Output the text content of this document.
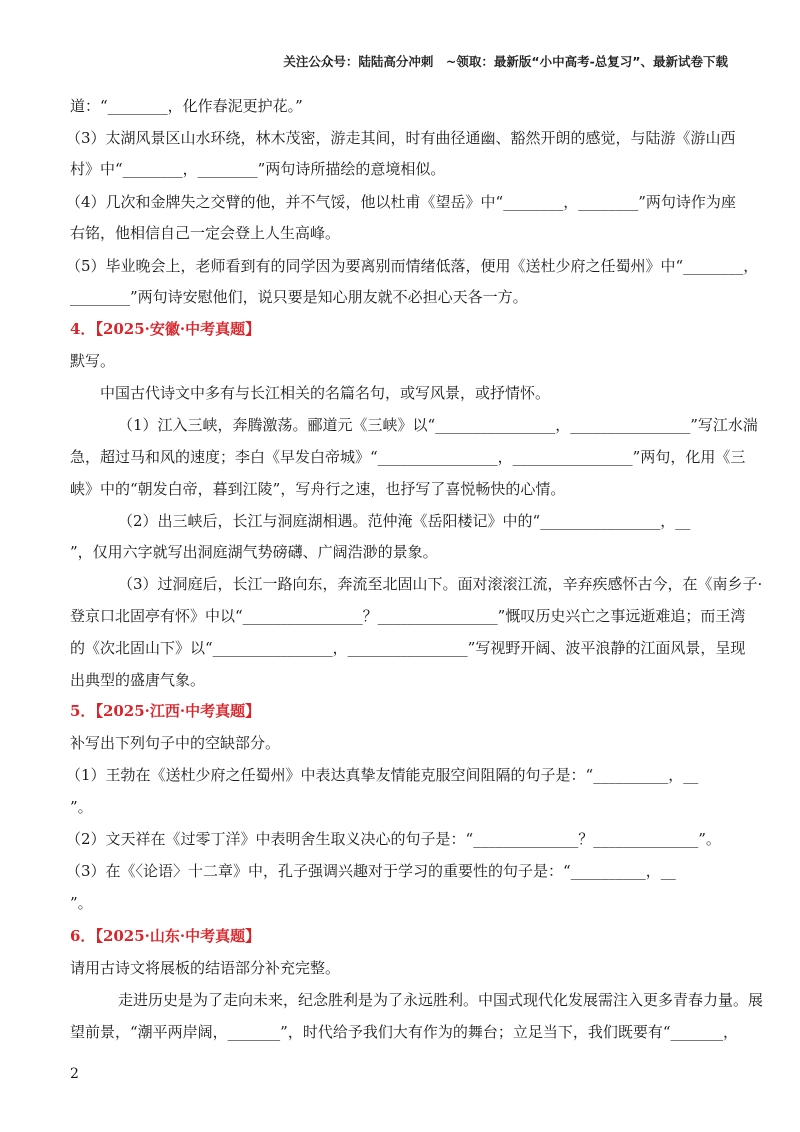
关注公众号：陆陆高分冲刺　~领取：最新版“小中高考-总复习”、最新试卷下载
道：“________，化作春泥更护花。”
（3）太湖风景区山水环绕，林木茂密，游走其间，时有曲径通幽、豁然开朗的感觉，与陆游《游山西
村》中“________，________”两句诗所描绘的意境相似。
（4）几次和金牌失之交臂的他，并不气馁，他以杜甫《望岳》中“________，________”两句诗作为座
右铭，他相信自己一定会登上人生高峰。
（5）毕业晚会上，老师看到有的同学因为要离别而情绪低落，便用《送杜少府之任蜀州》中“________，
________”两句诗安慰他们，说只要是知心朋友就不必担心天各一方。
4．【2025·安徽·中考真题】
默写。
中国古代诗文中多有与长江相关的名篇名句，或写风景，或抒情怀。
（1）江入三峡，奔腾激荡。郦道元《三峡》以“________________，________________”写江水湍
急，超过马和风的速度；李白《早发白帝城》“________________，________________”两句，化用《三
峡》中的“朝发白帝，暮到江陵”，写舟行之速，也抒写了喜悦畅快的心情。
（2）出三峡后，长江与洞庭湖相遇。范仲淹《岳阳楼记》中的“________________，__
”，仅用六字就写出洞庭湖气势磅礴、广阔浩渺的景象。
（3）过洞庭后，长江一路向东，奔流至北固山下。面对滚滚江流，辛弃疾感怀古今，在《南乡子·
登京口北固亭有怀》中以“________________？________________”慨叹历史兴亡之事远逝难追；而王湾
的《次北固山下》以“________________，________________”写视野开阔、波平浪静的江面风景，呈现
出典型的盛唐气象。
5．【2025·江西·中考真题】
补写出下列句子中的空缺部分。
（1）王勃在《送杜少府之任蜀州》中表达真挚友情能克服空间阻隔的句子是：“__________，__
”。
（2）文天祥在《过零丁洋》中表明舍生取义决心的句子是：“______________？______________”。
（3）在《〈论语〉十二章》中，孔子强调兴趣对于学习的重要性的句子是：“__________，__
”。
6．【2025·山东·中考真题】
请用古诗文将展板的结语部分补充完整。
走进历史是为了走向未来，纪念胜利是为了永远胜利。中国式现代化发展需注入更多青春力量。展
望前景，“潮平两岸阔，_______”，时代给予我们大有作为的舞台；立足当下，我们既要有“_______，
2
